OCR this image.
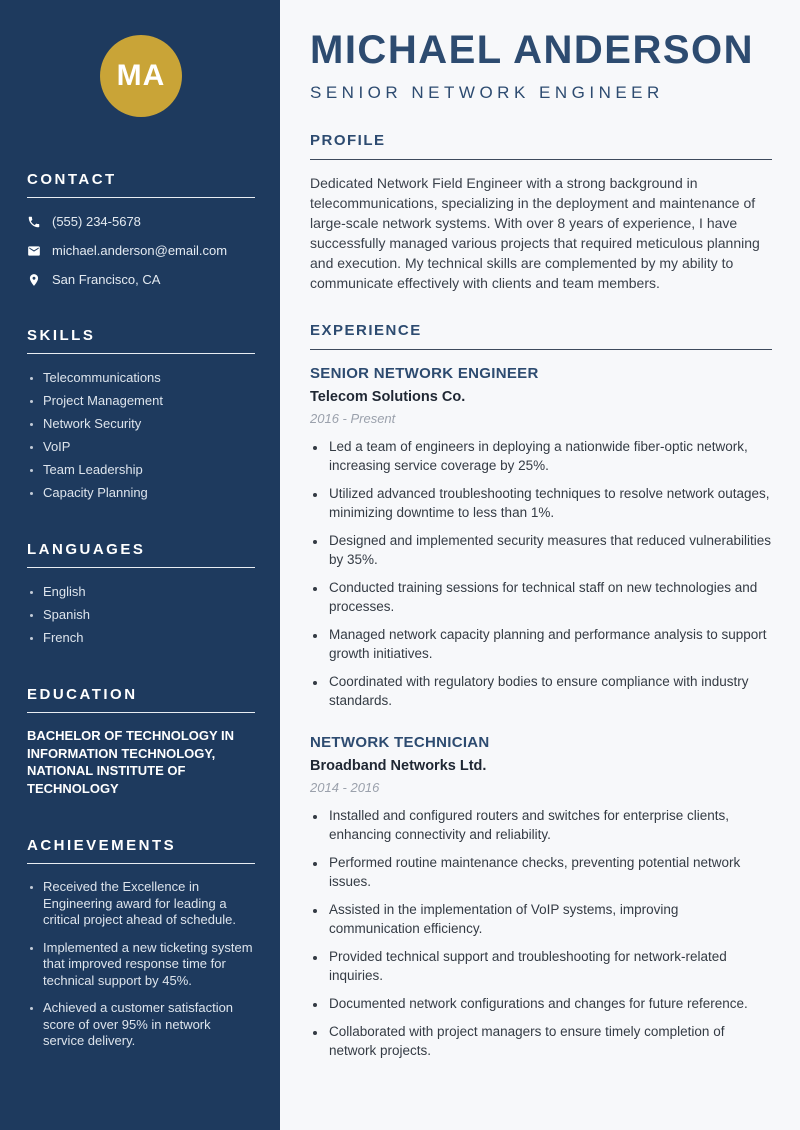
MA
CONTACT
(555) 234-5678
michael.anderson@email.com
San Francisco, CA
SKILLS
• Telecommunications
• Project Management
• Network Security
• VoIP
• Team Leadership
• Capacity Planning
LANGUAGES
• English
• Spanish
• French
EDUCATION

BACHELOR OF TECHNOLOGY IN INFORMATION TECHNOLOGY, NATIONAL INSTITUTE OF TECHNOLOGY

ACHIEVEMENTS
• Received the Excellence in Engineering award for leading a critical project ahead of schedule.
• Implemented a new ticketing system that improved response time for technical support by 45%.
• Achieved a customer satisfaction score of over 95% in network service delivery.
MICHAEL ANDERSON
SENIOR NETWORK ENGINEER
PROFILE

Dedicated Network Field Engineer with a strong background in telecommunications, specializing in the deployment and maintenance of large-scale network systems. With over 8 years of experience, I have successfully managed various projects that required meticulous planning and execution. My technical skills are complemented by my ability to communicate effectively with clients and team members.

EXPERIENCE
SENIOR NETWORK ENGINEER
Telecom Solutions Co.
2016 - Present
• Led a team of engineers in deploying a nationwide fiber-optic network, increasing service coverage by 25%.
• Utilized advanced troubleshooting techniques to resolve network outages, minimizing downtime to less than 1%.
• Designed and implemented security measures that reduced vulnerabilities by 35%.
• Conducted training sessions for technical staff on new technologies and processes.
• Managed network capacity planning and performance analysis to support growth initiatives.
• Coordinated with regulatory bodies to ensure compliance with industry standards.
NETWORK TECHNICIAN
Broadband Networks Ltd.
2014 - 2016
• Installed and configured routers and switches for enterprise clients, enhancing connectivity and reliability.
• Performed routine maintenance checks, preventing potential network issues.
• Assisted in the implementation of VoIP systems, improving communication efficiency.
• Provided technical support and troubleshooting for network-related inquiries.
• Documented network configurations and changes for future reference.
• Collaborated with project managers to ensure timely completion of network projects.
